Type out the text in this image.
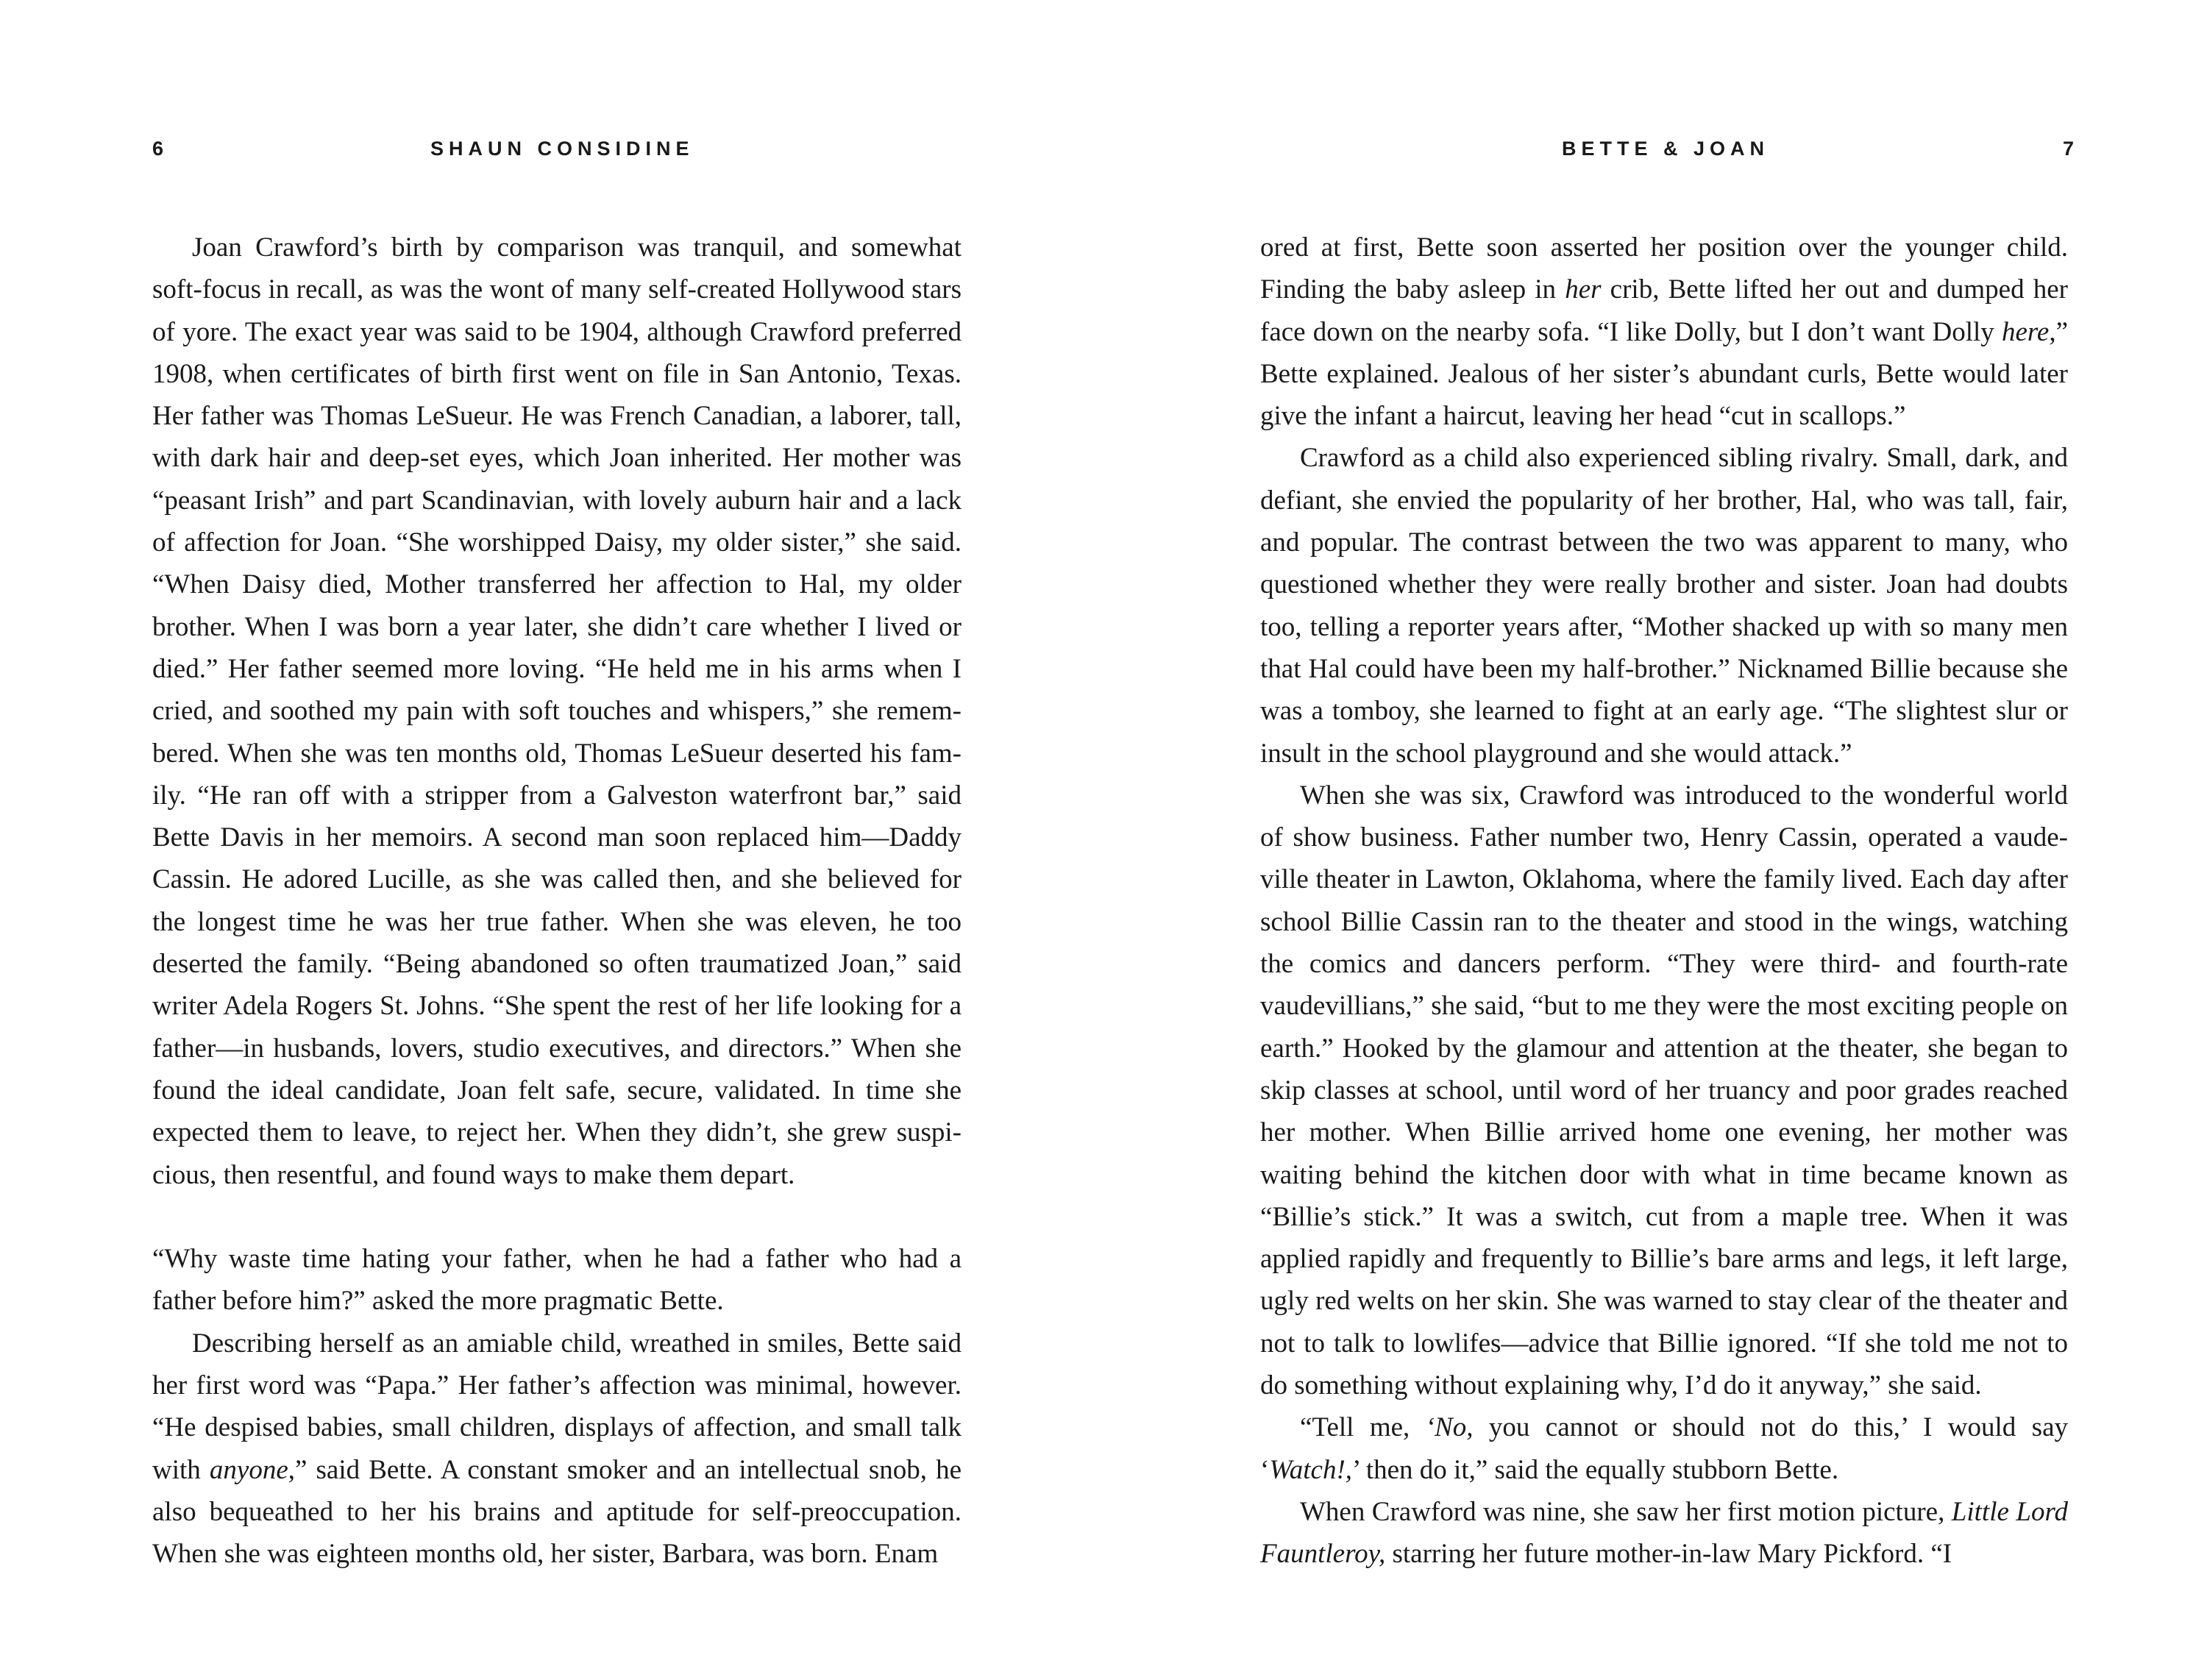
6	SHAUN CONSIDINE

Joan Crawford’s birth by comparison was tranquil, and somewhat soft-focus in recall, as was the wont of many self-created Hollywood stars of yore. The exact year was said to be 1904, although Crawford preferred 1908, when certificates of birth first went on file in San Antonio, Texas. Her father was Thomas LeSueur. He was French Canadian, a laborer, tall, with dark hair and deep-set eyes, which Joan inherited. Her mother was “peasant Irish” and part Scandinavian, with lovely auburn hair and a lack of affection for Joan. “She worshipped Daisy, my older sister,” she said. “When Daisy died, Mother transferred her affection to Hal, my older brother. When I was born a year later, she didn’t care whether I lived or died.” Her father seemed more loving. “He held me in his arms when I cried, and soothed my pain with soft touches and whispers,” she remembered. When she was ten months old, Thomas LeSueur deserted his family. “He ran off with a stripper from a Galveston waterfront bar,” said Bette Davis in her memoirs. A second man soon replaced him—Daddy Cassin. He adored Lucille, as she was called then, and she believed for the longest time he was her true father. When she was eleven, he too deserted the family. “Being abandoned so often traumatized Joan,” said writer Adela Rogers St. Johns. “She spent the rest of her life looking for a father—in husbands, lovers, studio executives, and directors.” When she found the ideal candidate, Joan felt safe, secure, validated. In time she expected them to leave, to reject her. When they didn’t, she grew suspicious, then resentful, and found ways to make them depart.

“Why waste time hating your father, when he had a father who had a father before him?” asked the more pragmatic Bette.

Describing herself as an amiable child, wreathed in smiles, Bette said her first word was “Papa.” Her father’s affection was minimal, however. “He despised babies, small children, displays of affection, and small talk with anyone,” said Bette. A constant smoker and an intellectual snob, he also bequeathed to her his brains and aptitude for self-preoccupation. When she was eighteen months old, her sister, Barbara, was born. Enam

BETTE & JOAN	7

ored at first, Bette soon asserted her position over the younger child. Finding the baby asleep in her crib, Bette lifted her out and dumped her face down on the nearby sofa. “I like Dolly, but I don’t want Dolly here,” Bette explained. Jealous of her sister’s abundant curls, Bette would later give the infant a haircut, leaving her head “cut in scallops.”

Crawford as a child also experienced sibling rivalry. Small, dark, and defiant, she envied the popularity of her brother, Hal, who was tall, fair, and popular. The contrast between the two was apparent to many, who questioned whether they were really brother and sister. Joan had doubts too, telling a reporter years after, “Mother shacked up with so many men that Hal could have been my half-brother.” Nicknamed Billie because she was a tomboy, she learned to fight at an early age. “The slightest slur or insult in the school playground and she would attack.”

When she was six, Crawford was introduced to the wonderful world of show business. Father number two, Henry Cassin, operated a vaudeville theater in Lawton, Oklahoma, where the family lived. Each day after school Billie Cassin ran to the theater and stood in the wings, watching the comics and dancers perform. “They were third- and fourth-rate vaudevillians,” she said, “but to me they were the most exciting people on earth.” Hooked by the glamour and attention at the theater, she began to skip classes at school, until word of her truancy and poor grades reached her mother. When Billie arrived home one evening, her mother was waiting behind the kitchen door with what in time became known as “Billie’s stick.” It was a switch, cut from a maple tree. When it was applied rapidly and frequently to Billie’s bare arms and legs, it left large, ugly red welts on her skin. She was warned to stay clear of the theater and not to talk to lowlifes—advice that Billie ignored. “If she told me not to do something without explaining why, I’d do it anyway,” she said.

“Tell me, ‘No, you cannot or should not do this,’ I would say ‘Watch!,’ then do it,” said the equally stubborn Bette.

When Crawford was nine, she saw her first motion picture, Little Lord Fauntleroy, starring her future mother-in-law Mary Pickford. “I
